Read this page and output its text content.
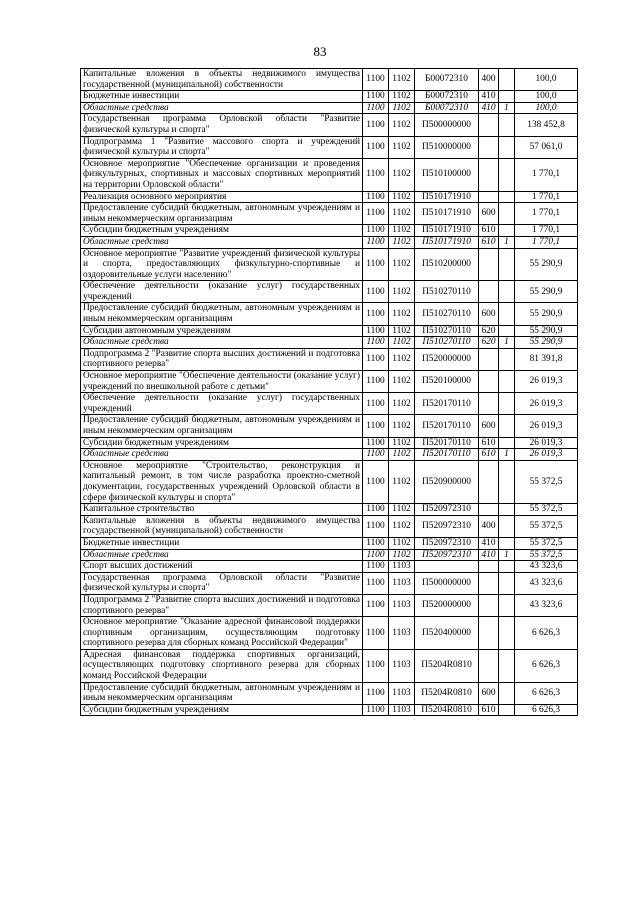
83
Капитальные вложения в объекты недвижимого имущества государственной (муниципальной) собственности	1100	1102	Б00072310	400		100,0
Бюджетные инвестиции	1100	1102	Б00072310	410		100,0
Областные средства	1100	1102	Б00072310	410	1	100,0
Государственная программа Орловской области "Развитие физической культуры и спорта"	1100	1102	П500000000			138 452,8
Подпрограмма 1 "Развитие массового спорта и учреждений физической культуры и спорта"	1100	1102	П510000000			57 061,0
Основное мероприятие "Обеспечение организации и проведения физкультурных, спортивных и массовых спортивных мероприятий на территории Орловской области"	1100	1102	П510100000			1 770,1
Реализация основного мероприятия	1100	1102	П510171910			1 770,1
Предоставление субсидий бюджетным, автономным учреждениям и иным некоммерческим организациям	1100	1102	П510171910	600		1 770,1
Субсидии бюджетным учреждениям	1100	1102	П510171910	610		1 770,1
Областные средства	1100	1102	П510171910	610	1	1 770,1
Основное мероприятие "Развитие учреждений физической культуры и спорта, предоставляющих физкультурно-спортивные и оздоровительные услуги населению"	1100	1102	П510200000			55 290,9
Обеспечение деятельности (оказание услуг) государственных учреждений	1100	1102	П510270110			55 290,9
Предоставление субсидий бюджетным, автономным учреждениям и иным некоммерческим организациям	1100	1102	П510270110	600		55 290,9
Субсидии автономным учреждениям	1100	1102	П510270110	620		55 290,9
Областные средства	1100	1102	П510270110	620	1	55 290,9
Подпрограмма 2 "Развитие спорта высших достижений и подготовка спортивного резерва"	1100	1102	П520000000			81 391,8
Основное мероприятие "Обеспечение деятельности (оказание услуг) учреждений по внешкольной работе с детьми"	1100	1102	П520100000			26 019,3
Обеспечение деятельности (оказание услуг) государственных учреждений	1100	1102	П520170110			26 019,3
Предоставление субсидий бюджетным, автономным учреждениям и иным некоммерческим организациям	1100	1102	П520170110	600		26 019,3
Субсидии бюджетным учреждениям	1100	1102	П520170110	610		26 019,3
Областные средства	1100	1102	П520170110	610	1	26 019,3
Основное мероприятие "Строительство, реконструкция и капитальный ремонт, в том числе разработка проектно-сметной документации, государственных учреждений Орловской области в сфере физической культуры и спорта"	1100	1102	П520900000			55 372,5
Капитальное строительство	1100	1102	П520972310			55 372,5
Капитальные вложения в объекты недвижимого имущества государственной (муниципальной) собственности	1100	1102	П520972310	400		55 372,5
Бюджетные инвестиции	1100	1102	П520972310	410		55 372,5
Областные средства	1100	1102	П520972310	410	1	55 372,5
Спорт высших достижений	1100	1103				43 323,6
Государственная программа Орловской области "Развитие физической культуры и спорта"	1100	1103	П500000000			43 323,6
Подпрограмма 2 "Развитие спорта высших достижений и подготовка спортивного резерва"	1100	1103	П520000000			43 323,6
Основное мероприятие "Оказание адресной финансовой поддержки спортивным организациям, осуществляющим подготовку спортивного резерва для сборных команд Российской Федерации"	1100	1103	П520400000			6 626,3
Адресная финансовая поддержка спортивных организаций, осуществляющих подготовку спортивного резерва для сборных команд Российской Федерации	1100	1103	П5204R0810			6 626,3
Предоставление субсидий бюджетным, автономным учреждениям и иным некоммерческим организациям	1100	1103	П5204R0810	600		6 626,3
Субсидии бюджетным учреждениям	1100	1103	П5204R0810	610		6 626,3
